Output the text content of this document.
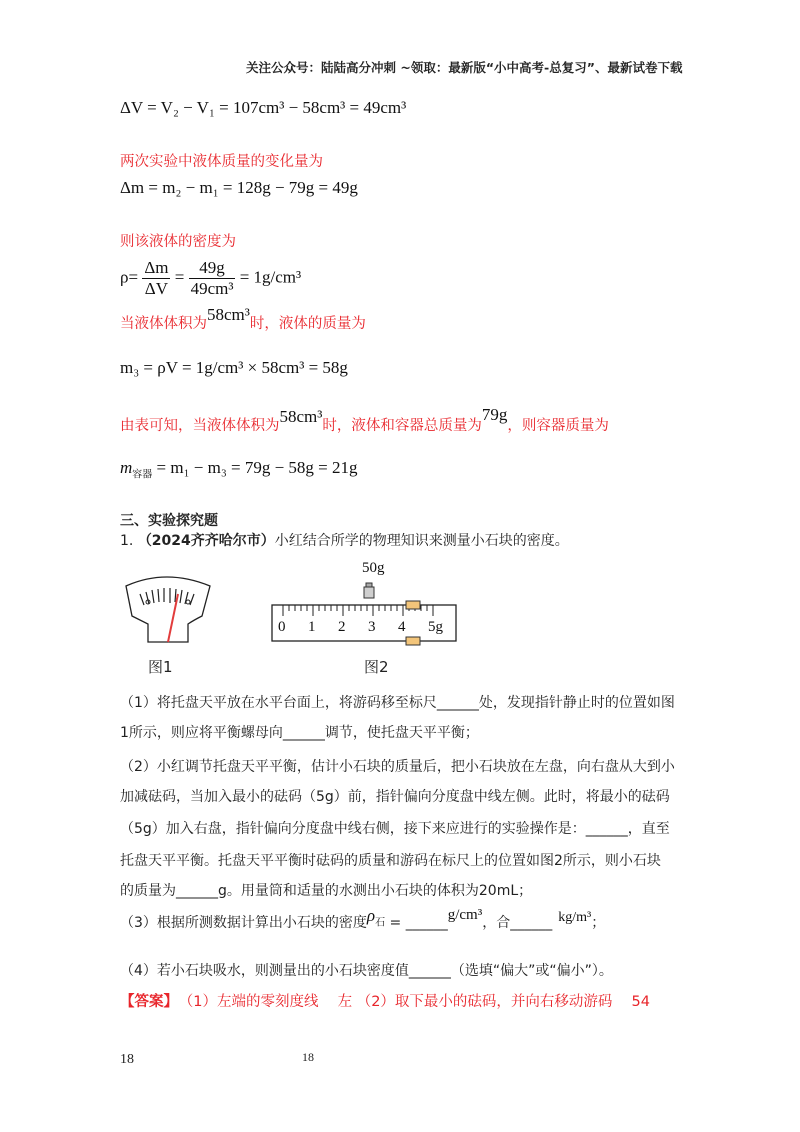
关注公众号：陆陆高分冲刺 ~领取：最新版“小中高考-总复习”、最新试卷下载
ΔV = V₂ − V₁ = 107cm³ − 58cm³ = 49cm³
两次实验中液体质量的变化量为
Δm = m₂ − m₁ = 128g − 79g = 49g
则该液体的密度为
$\rho= \frac{\Delta m}{\Delta V} = \frac{49g}{\text{49cm³}} = 1g/cm^3$
当液体体积为58cm³时，液体的质量为
m₃ = ρV = 1g/cm³ × 58cm³ = 58g
由表可知，当液体体积为58cm³时，液体和容器总质量为79g，则容器质量为
$m_{容器} = m_1 - m_3 = 79g - 58g = 21g$
三、实验探究题
1. （2024齐齐哈尔市）小红结合所学的物理知识来测量小石块的密度。
图1
50g
0 1 2 3 4 5g
图2
（1）将托盘天平放在水平台面上，将游码移至标尺______处，发现指针静止时的位置如图
1所示，则应将平衡螺母向______调节，使托盘天平平衡；
（2）小红调节托盘天平平衡，估计小石块的质量后，把小石块放在左盘，向右盘从大到小
加减砝码，当加入最小的砝码（5g）前，指针偏向分度盘中线左侧。此时，将最小的砝码
（5g）加入右盘，指针偏向分度盘中线右侧，接下来应进行的实验操作是：______，直至
托盘天平平衡。托盘天平平衡时砝码的质量和游码在标尺上的位置如图2所示，则小石块
的质量为______g。用量筒和适量的水测出小石块的体积为20mL；
（3）根据所测数据计算出小石块的密度$\rho_石$ = ______g/cm³，合______ kg/m³；
（4）若小石块吸水，则测量出的小石块密度值______（选填“偏大”或“偏小”）。
【答案】 （1）左端的零刻度线　 左 （2）取下最小的砝码，并向右移动游码　 54
18	18
